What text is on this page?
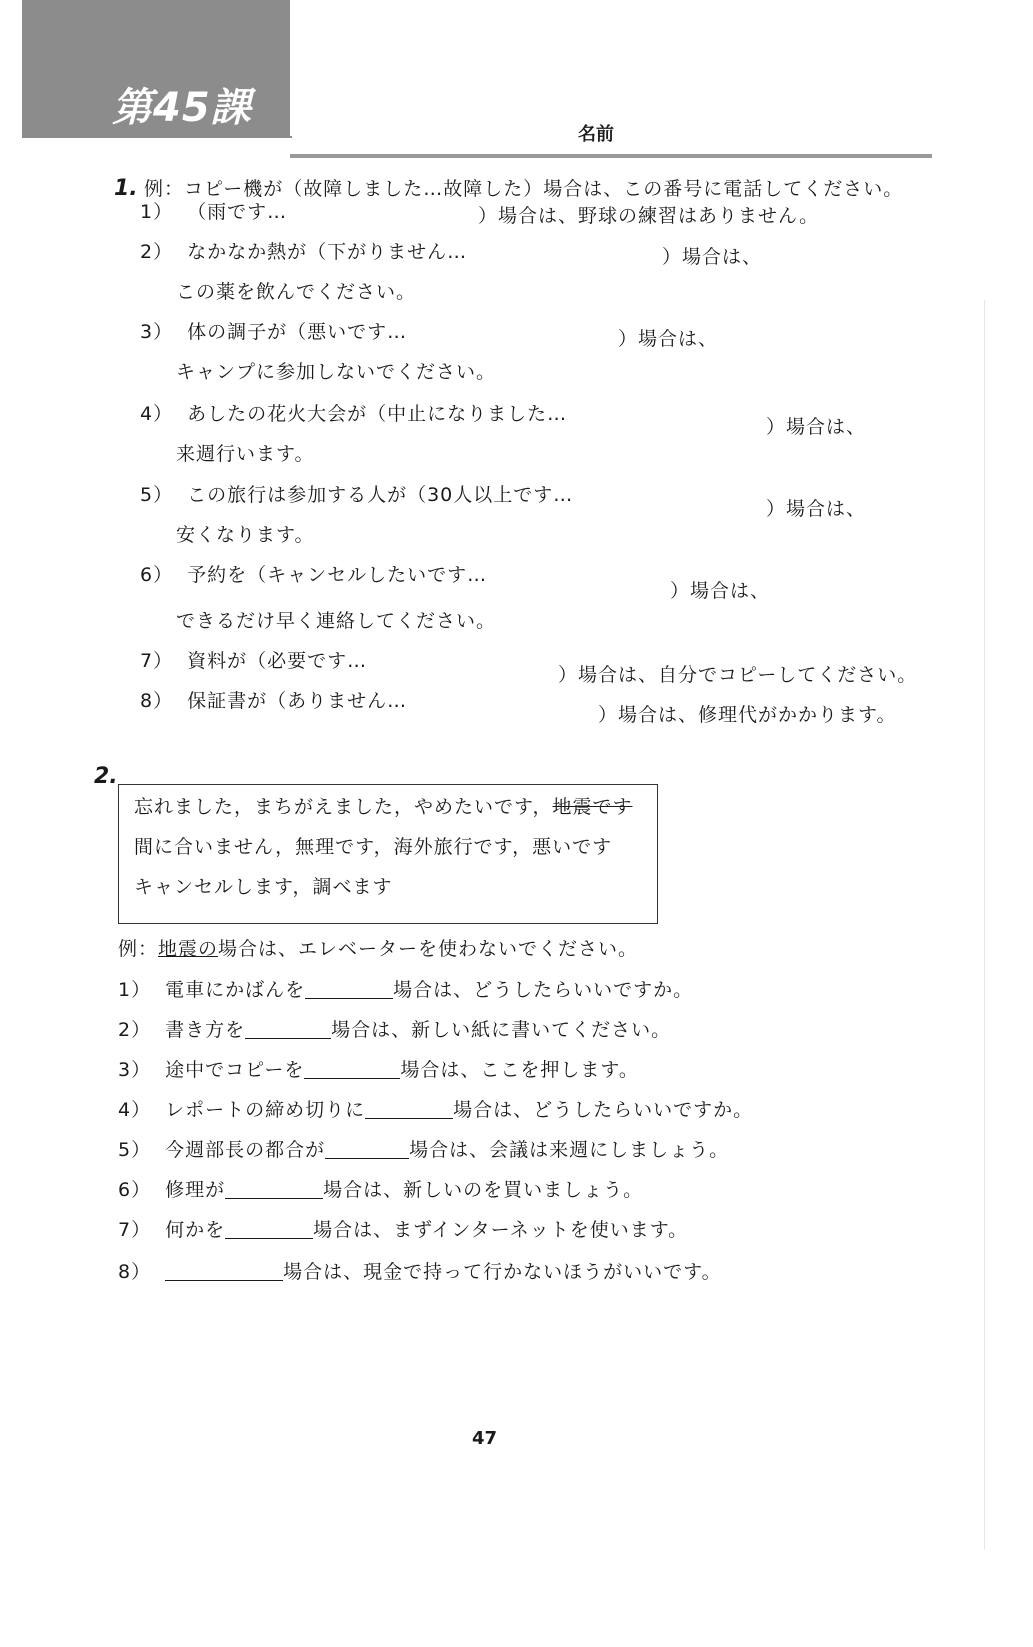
第45課
名前
1. 例：コピー機が（故障しました…故障した）場合は、この番号に電話してください。
1） （雨です…	）場合は、野球の練習はありません。
2） なかなか熱が（下がりません…	）場合は、
この薬を飲んでください。
3） 体の調子が（悪いです…	）場合は、
キャンプに参加しないでください。
4） あしたの花火大会が（中止になりました…
）場合は、
来週行います。
5） この旅行は参加する人が（30人以上です…
）場合は、
安くなります。
6） 予約を（キャンセルしたいです…
）場合は、
できるだけ早く連絡してください。
7） 資料が（必要です…
）場合は、自分でコピーしてください。
8） 保証書が（ありません…
）場合は、修理代がかかります。
2.
忘れました，まちがえました，やめたいです，地震です
間に合いません，無理です，海外旅行です，悪いです
キャンセルします，調べます
例：地震の場合は、エレベーターを使わないでください。
1） 電車にかばんを	場合は、どうしたらいいですか。
2） 書き方を	場合は、新しい紙に書いてください。
3） 途中でコピーを	場合は、ここを押します。
4） レポートの締め切りに	場合は、どうしたらいいですか。
5） 今週部長の都合が	場合は、会議は来週にしましょう。
6） 修理が	場合は、新しいのを買いましょう。
7） 何かを	場合は、まずインターネットを使います。
8）	場合は、現金で持って行かないほうがいいです。
47
